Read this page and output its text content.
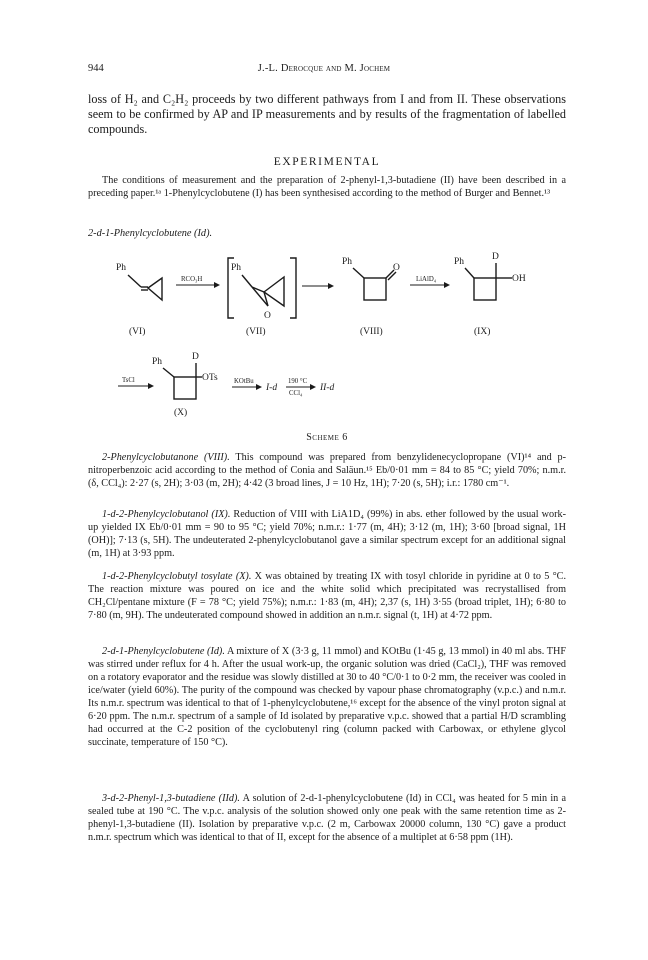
944	J.-L. Derocque and M. Jochem

loss of H₂ and C₂H₂ proceeds by two different pathways from I and from II. These observations seem to be confirmed by AP and IP measurements and by results of the fragmentation of labelled compounds.

EXPERIMENTAL

The conditions of measurement and the preparation of 2-phenyl-1,3-butadiene (II) have been described in a preceding paper.¹ᵃ 1-Phenylcyclobutene (I) has been synthesised according to the method of Burger and Bennet.¹³

2-d-1-Phenylcyclobutene (Id).
Ph
(VI)
RCO₃H
Ph
O
(VII)
Ph
O
(VIII)
LiAlD₄
Ph	D
OH
(IX)
TsCl
Ph	D
OTs
(X)
KOtBu
I-d
190 °C
CCl₄
II-d
Scheme 6

2-Phenylcyclobutanone (VIII). This compound was prepared from benzylidenecyclopropane (VI)¹⁴ and p-nitroperbenzoic acid according to the method of Conia and Saläun.¹⁵ Eb/0·01 mm = 84 to 85 °C; yield 70%; n.m.r. (δ, CCl₄): 2·27 (s, 2H); 3·03 (m, 2H); 4·42 (3 broad lines, J = 10 Hz, 1H); 7·20 (s, 5H); i.r.: 1780 cm⁻¹.

1-d-2-Phenylcyclobutanol (IX). Reduction of VIII with LiA1D₄ (99%) in abs. ether followed by the usual work-up yielded IX Eb/0·01 mm = 90 to 95 °C; yield 70%; n.m.r.: 1·77 (m, 4H); 3·12 (m, 1H); 3·60 [broad signal, 1H (OH)]; 7·13 (s, 5H). The undeuterated 2-phenylcyclobutanol gave a similar spectrum except for an additional signal (m, 1H) at 3·93 ppm.

1-d-2-Phenylcyclobutyl tosylate (X). X was obtained by treating IX with tosyl chloride in pyridine at 0 to 5 °C. The reaction mixture was poured on ice and the white solid which precipitated was recrystallised from CH₂Cl/pentane mixture (F = 78 °C; yield 75%); n.m.r.: 1·83 (m, 4H); 2,37 (s, 1H) 3·55 (broad triplet, 1H); 6·80 to 7·80 (m, 9H). The undeuterated compound showed in addition an n.m.r. signal (t, 1H) at 4·72 ppm.

2-d-1-Phenylcyclobutene (Id). A mixture of X (3·3 g, 11 mmol) and KOtBu (1·45 g, 13 mmol) in 40 ml abs. THF was stirred under reflux for 4 h. After the usual work-up, the organic solution was dried (CaCl₂), THF was removed on a rotatory evaporator and the residue was slowly distilled at 30 to 40 °C/0·1 to 0·2 mm, the receiver was cooled in ice/water (yield 60%). The purity of the compound was checked by vapour phase chromatography (v.p.c.) and n.m.r. Its n.m.r. spectrum was identical to that of 1-phenylcyclobutene,¹⁶ except for the absence of the vinyl proton signal at 6·20 ppm. The n.m.r. spectrum of a sample of Id isolated by preparative v.p.c. showed that a partial H/D scrambling had occurred at the C-2 position of the cyclobutenyl ring (column packed with Carbowax, or ethylene glycol succinate, temperature of 150 °C).

3-d-2-Phenyl-1,3-butadiene (IId). A solution of 2-d-1-phenylcyclobutene (Id) in CCl₄ was heated for 5 min in a sealed tube at 190 °C. The v.p.c. analysis of the solution showed only one peak with the same retention time as 2-phenyl-1,3-butadiene (II). Isolation by preparative v.p.c. (2 m, Carbowax 20000 column, 130 °C) gave a product n.m.r. spectrum which was identical to that of II, except for the absence of a multiplet at 6·58 ppm (1H).
